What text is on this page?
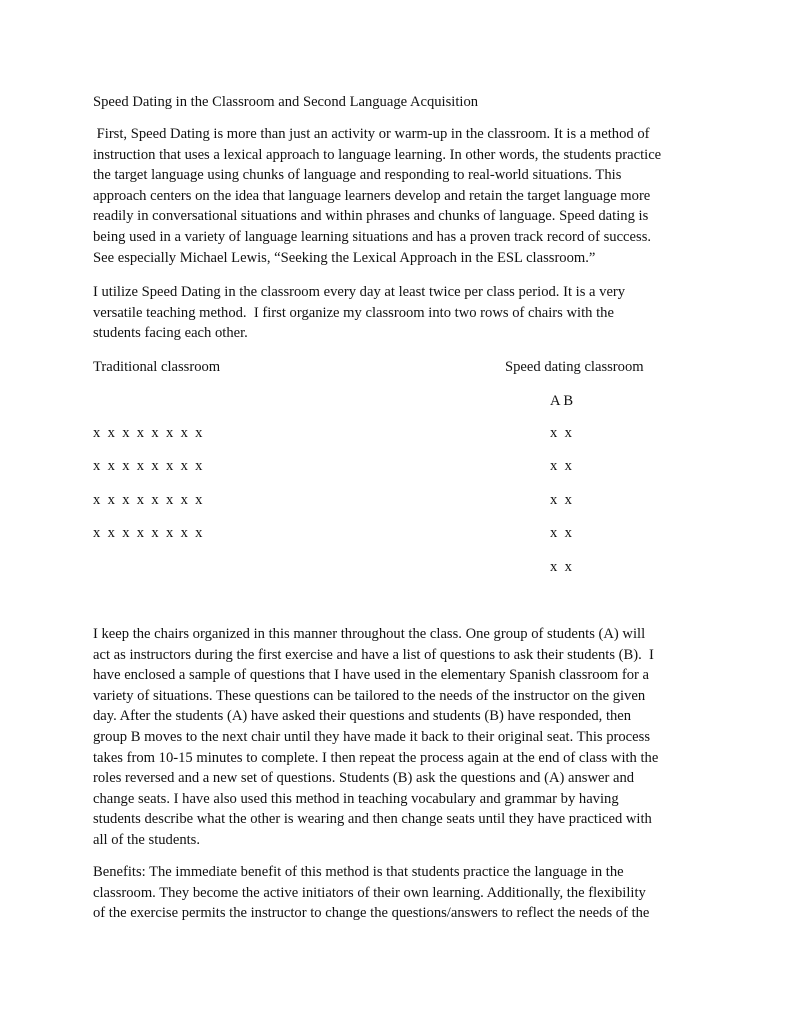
Speed Dating in the Classroom and Second Language Acquisition
First, Speed Dating is more than just an activity or warm-up in the classroom. It is a method of
instruction that uses a lexical approach to language learning. In other words, the students practice
the target language using chunks of language and responding to real-world situations. This
approach centers on the idea that language learners develop and retain the target language more
readily in conversational situations and within phrases and chunks of language. Speed dating is
being used in a variety of language learning situations and has a proven track record of success.
See especially Michael Lewis, “Seeking the Lexical Approach in the ESL classroom.”
I utilize Speed Dating in the classroom every day at least twice per class period. It is a very
versatile teaching method.  I first organize my classroom into two rows of chairs with the
students facing each other.
Traditional classroom	Speed dating classroom
A B
x  x  x  x  x  x  x  x
x  x  x  x  x  x  x  x
x  x  x  x  x  x  x  x
x  x  x  x  x  x  x  x
x  x
x  x
x  x
x  x
x  x
I keep the chairs organized in this manner throughout the class. One group of students (A) will
act as instructors during the first exercise and have a list of questions to ask their students (B).  I
have enclosed a sample of questions that I have used in the elementary Spanish classroom for a
variety of situations. These questions can be tailored to the needs of the instructor on the given
day. After the students (A) have asked their questions and students (B) have responded, then
group B moves to the next chair until they have made it back to their original seat. This process
takes from 10-15 minutes to complete. I then repeat the process again at the end of class with the
roles reversed and a new set of questions. Students (B) ask the questions and (A) answer and
change seats. I have also used this method in teaching vocabulary and grammar by having
students describe what the other is wearing and then change seats until they have practiced with
all of the students.
Benefits: The immediate benefit of this method is that students practice the language in the
classroom. They become the active initiators of their own learning. Additionally, the flexibility
of the exercise permits the instructor to change the questions/answers to reflect the needs of the
